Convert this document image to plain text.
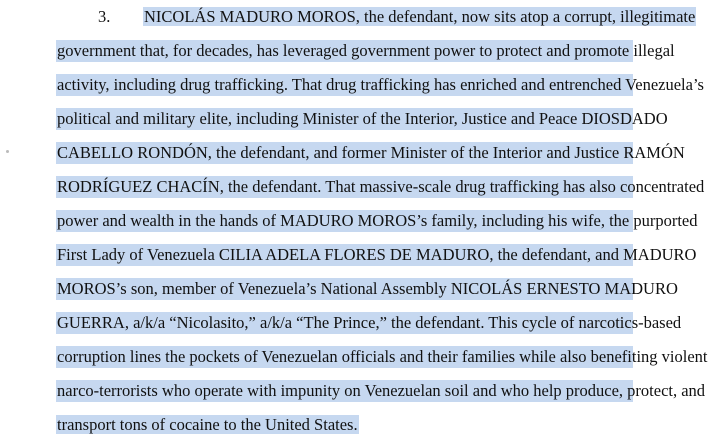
3. NICOLÁS MADURO MOROS, the defendant, now sits atop a corrupt, illegitimate
government that, for decades, has leveraged government power to protect and promote illegal
activity, including drug trafficking. That drug trafficking has enriched and entrenched Venezuela’s
political and military elite, including Minister of the Interior, Justice and Peace DIOSDADO
CABELLO RONDÓN, the defendant, and former Minister of the Interior and Justice RAMÓN
RODRÍGUEZ CHACÍN, the defendant. That massive-scale drug trafficking has also concentrated
power and wealth in the hands of MADURO MOROS’s family, including his wife, the purported
First Lady of Venezuela CILIA ADELA FLORES DE MADURO, the defendant, and MADURO
MOROS’s son, member of Venezuela’s National Assembly NICOLÁS ERNESTO MADURO
GUERRA, a/k/a “Nicolasito,” a/k/a “The Prince,” the defendant. This cycle of narcotics-based
corruption lines the pockets of Venezuelan officials and their families while also benefiting violent
narco-terrorists who operate with impunity on Venezuelan soil and who help produce, protect, and
transport tons of cocaine to the United States.
